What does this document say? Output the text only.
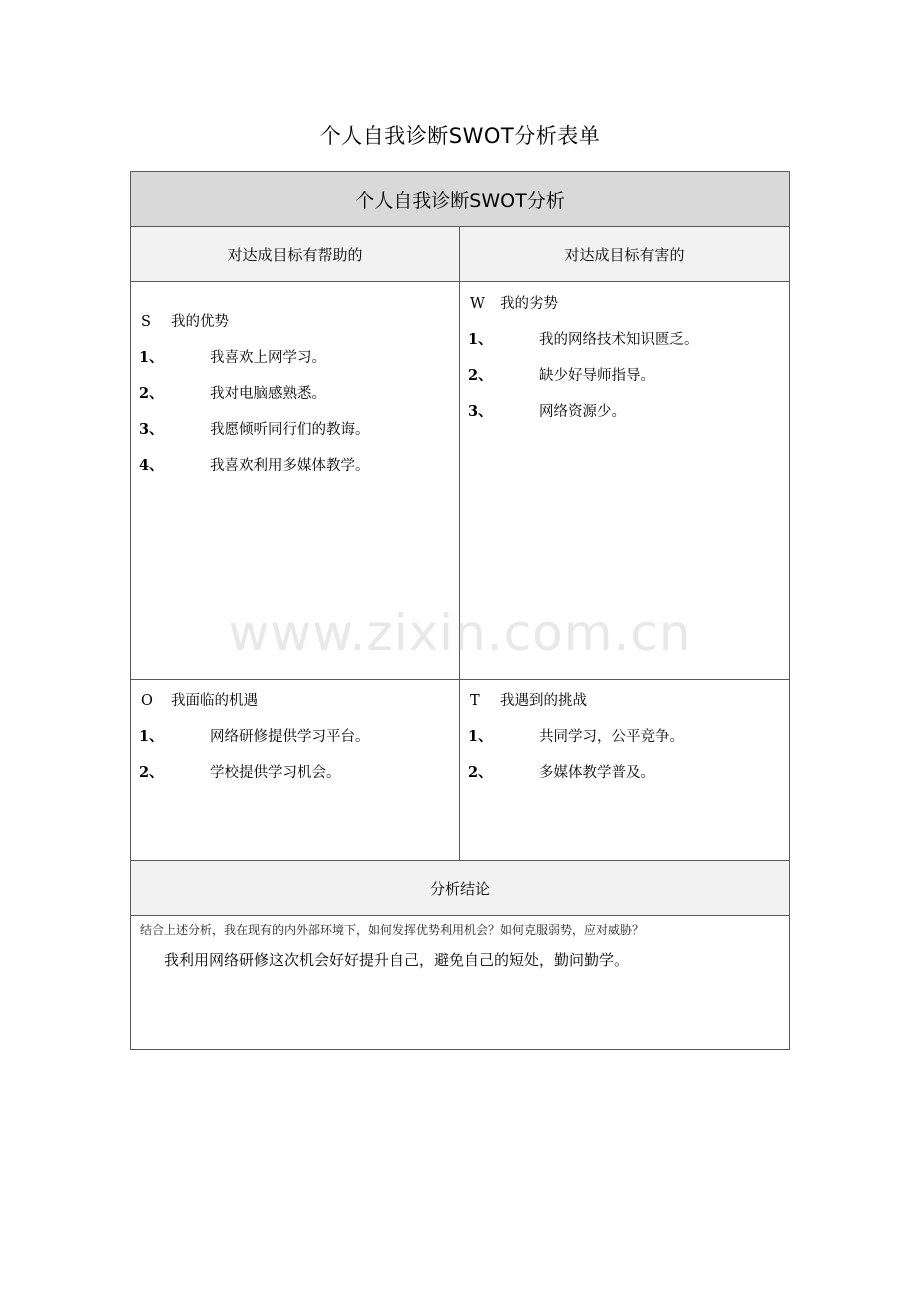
个人自我诊断SWOT分析表单
个人自我诊断SWOT分析
对达成目标有帮助的	对达成目标有害的
S 我的优势
1、	我喜欢上网学习。
2、	我对电脑感熟悉。
3、	我愿倾听同行们的教诲。
4、	我喜欢利用多媒体教学。
W 我的劣势
1、	我的网络技术知识匮乏。
2、	缺少好导师指导。
3、	网络资源少。
O 我面临的机遇
1、	网络研修提供学习平台。
2、	学校提供学习机会。
T 我遇到的挑战
1、	共同学习，公平竞争。
2、	多媒体教学普及。
分析结论
结合上述分析，我在现有的内外部环境下，如何发挥优势利用机会？如何克服弱势，应对威胁？
我利用网络研修这次机会好好提升自己，避免自己的短处，勤问勤学。
www.zixin.com.cn
